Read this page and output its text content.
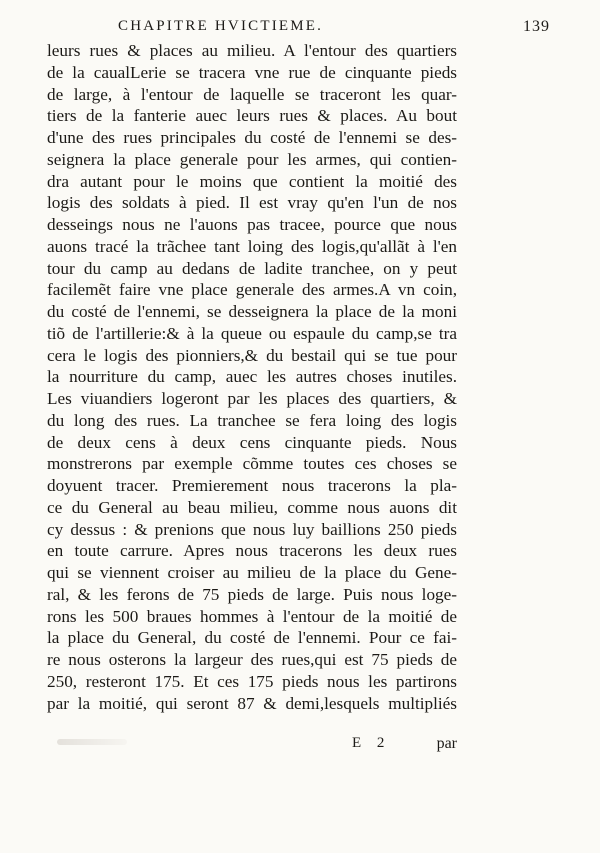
CHAPITRE HVICTIEME.	139
leurs rues & places au milieu. A l'entour des quartiers
de la caualLerie se tracera vne rue de cinquante pieds
de large, à l'entour de laquelle se traceront les quar-
tiers de la fanterie auec leurs rues & places. Au bout
d'une des rues principales du costé de l'ennemi se des-
seignera la place generale pour les armes, qui contien-
dra autant pour le moins que contient la moitié des
logis des soldats à pied. Il est vray qu'en l'un de nos
desseings nous ne l'auons pas tracee, pource que nous
auons tracé la trãchee tant loing des logis,qu'allãt à l'en
tour du camp au dedans de ladite tranchee, on y peut
facilemẽt faire vne place generale des armes.A vn coin,
du costé de l'ennemi, se desseignera la place de la moni
tiõ de l'artillerie:& à la queue ou espaule du camp,se tra
cera le logis des pionniers,& du bestail qui se tue pour
la nourriture du camp, auec les autres choses inutiles.
Les viuandiers logeront par les places des quartiers, &
du long des rues. La tranchee se fera loing des logis
de deux cens à deux cens cinquante pieds. Nous
monstrerons par exemple cõmme toutes ces choses se
doyuent tracer. Premierement nous tracerons la pla-
ce du General au beau milieu, comme nous auons dit
cy dessus : & prenions que nous luy baillions 250 pieds
en toute carrure. Apres nous tracerons les deux rues
qui se viennent croiser au milieu de la place du Gene-
ral, & les ferons de 75 pieds de large. Puis nous loge-
rons les 500 braues hommes à l'entour de la moitié de
la place du General, du costé de l'ennemi. Pour ce fai-
re nous osterons la largeur des rues,qui est 75 pieds de
250, resteront 175. Et ces 175 pieds nous les partirons
par la moitié, qui seront 87 & demi,lesquels multipliés
E 2	par
